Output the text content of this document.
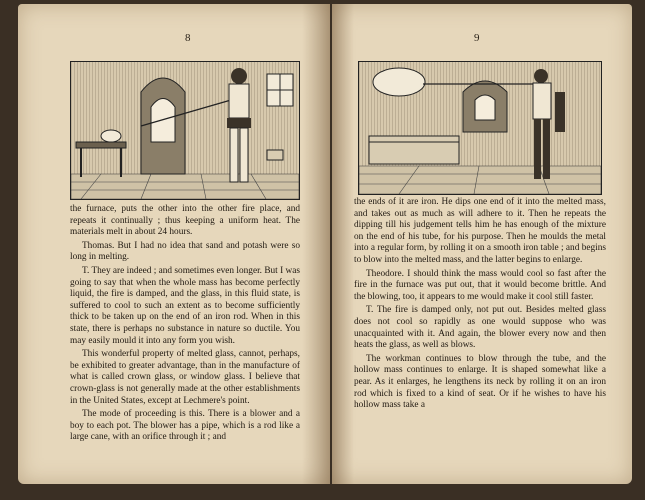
8

the furnace, puts the other into the other fire place, and repeats it continually ; thus keeping a uniform heat. The materials melt in about 24 hours.

Thomas. But I had no idea that sand and potash were so long in melting.

T. They are indeed ; and sometimes even longer. But I was going to say that when the whole mass has become perfectly liquid, the fire is damped, and the glass, in this fluid state, is suffered to cool to such an extent as to become sufficiently thick to be taken up on the end of an iron rod. When in this state, there is perhaps no substance in nature so ductile. You may easily mould it into any form you wish.

This wonderful property of melted glass, cannot, perhaps, be exhibited to greater advantage, than in the manufacture of what is called crown glass, or window glass. I believe that crown-glass is not generally made at the other establishments in the United States, except at Lechmere's point.

The mode of proceeding is this. There is a blower and a boy to each pot. The blower has a pipe, which is a rod like a large cane, with an orifice through it ; and

9

the ends of it are iron. He dips one end of it into the melted mass, and takes out as much as will adhere to it. Then he repeats the dipping till his judgement tells him he has enough of the mixture on the end of his tube, for his purpose. Then he moulds the metal into a regular form, by rolling it on a smooth iron table ; and begins to blow into the melted mass, and the latter begins to enlarge.

Theodore. I should think the mass would cool so fast after the fire in the furnace was put out, that it would become brittle. And the blowing, too, it appears to me would make it cool still faster.

T. The fire is damped only, not put out. Besides melted glass does not cool so rapidly as one would suppose who was unacquainted with it. And again, the blower every now and then heats the glass, as well as blows.

The workman continues to blow through the tube, and the hollow mass continues to enlarge. It is shaped somewhat like a pear. As it enlarges, he lengthens its neck by rolling it on an iron rod which is fixed to a kind of seat. Or if he wishes to have his hollow mass take a
